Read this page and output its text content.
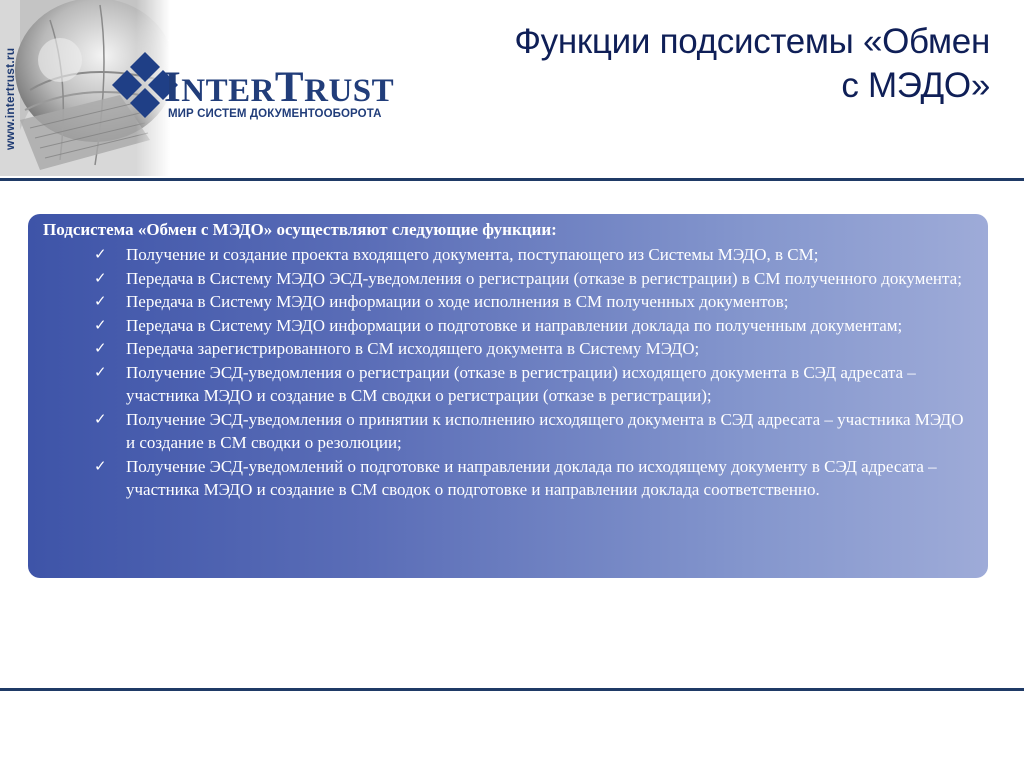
www.intertrust.ru	INTERTRUST
МИР СИСТЕМ ДОКУМЕНТООБОРОТА
Функции подсистемы «Обмен
с МЭДО»
Подсистема «Обмен с МЭДО» осуществляют следующие функции:
✓ Получение и создание проекта входящего документа, поступающего из Системы МЭДО, в СМ;
✓ Передача в Систему МЭДО ЭСД-уведомления о регистрации (отказе в регистрации) в СМ полученного документа;
✓ Передача в Систему МЭДО информации о ходе исполнения в СМ полученных документов;
✓ Передача в Систему МЭДО информации о подготовке и направлении доклада по полученным документам;
✓ Передача зарегистрированного в СМ исходящего документа в Систему МЭДО;
✓ Получение ЭСД-уведомления о регистрации (отказе в регистрации) исходящего документа в СЭД адресата – участника МЭДО и создание в СМ сводки о регистрации (отказе в регистрации);
✓ Получение ЭСД-уведомления о принятии к исполнению исходящего документа в СЭД адресата – участника МЭДО и создание в СМ сводки о резолюции;
✓ Получение ЭСД-уведомлений о подготовке и направлении доклада по исходящему документу в СЭД адресата – участника МЭДО и создание в СМ сводок о подготовке и направлении доклада соответственно.
